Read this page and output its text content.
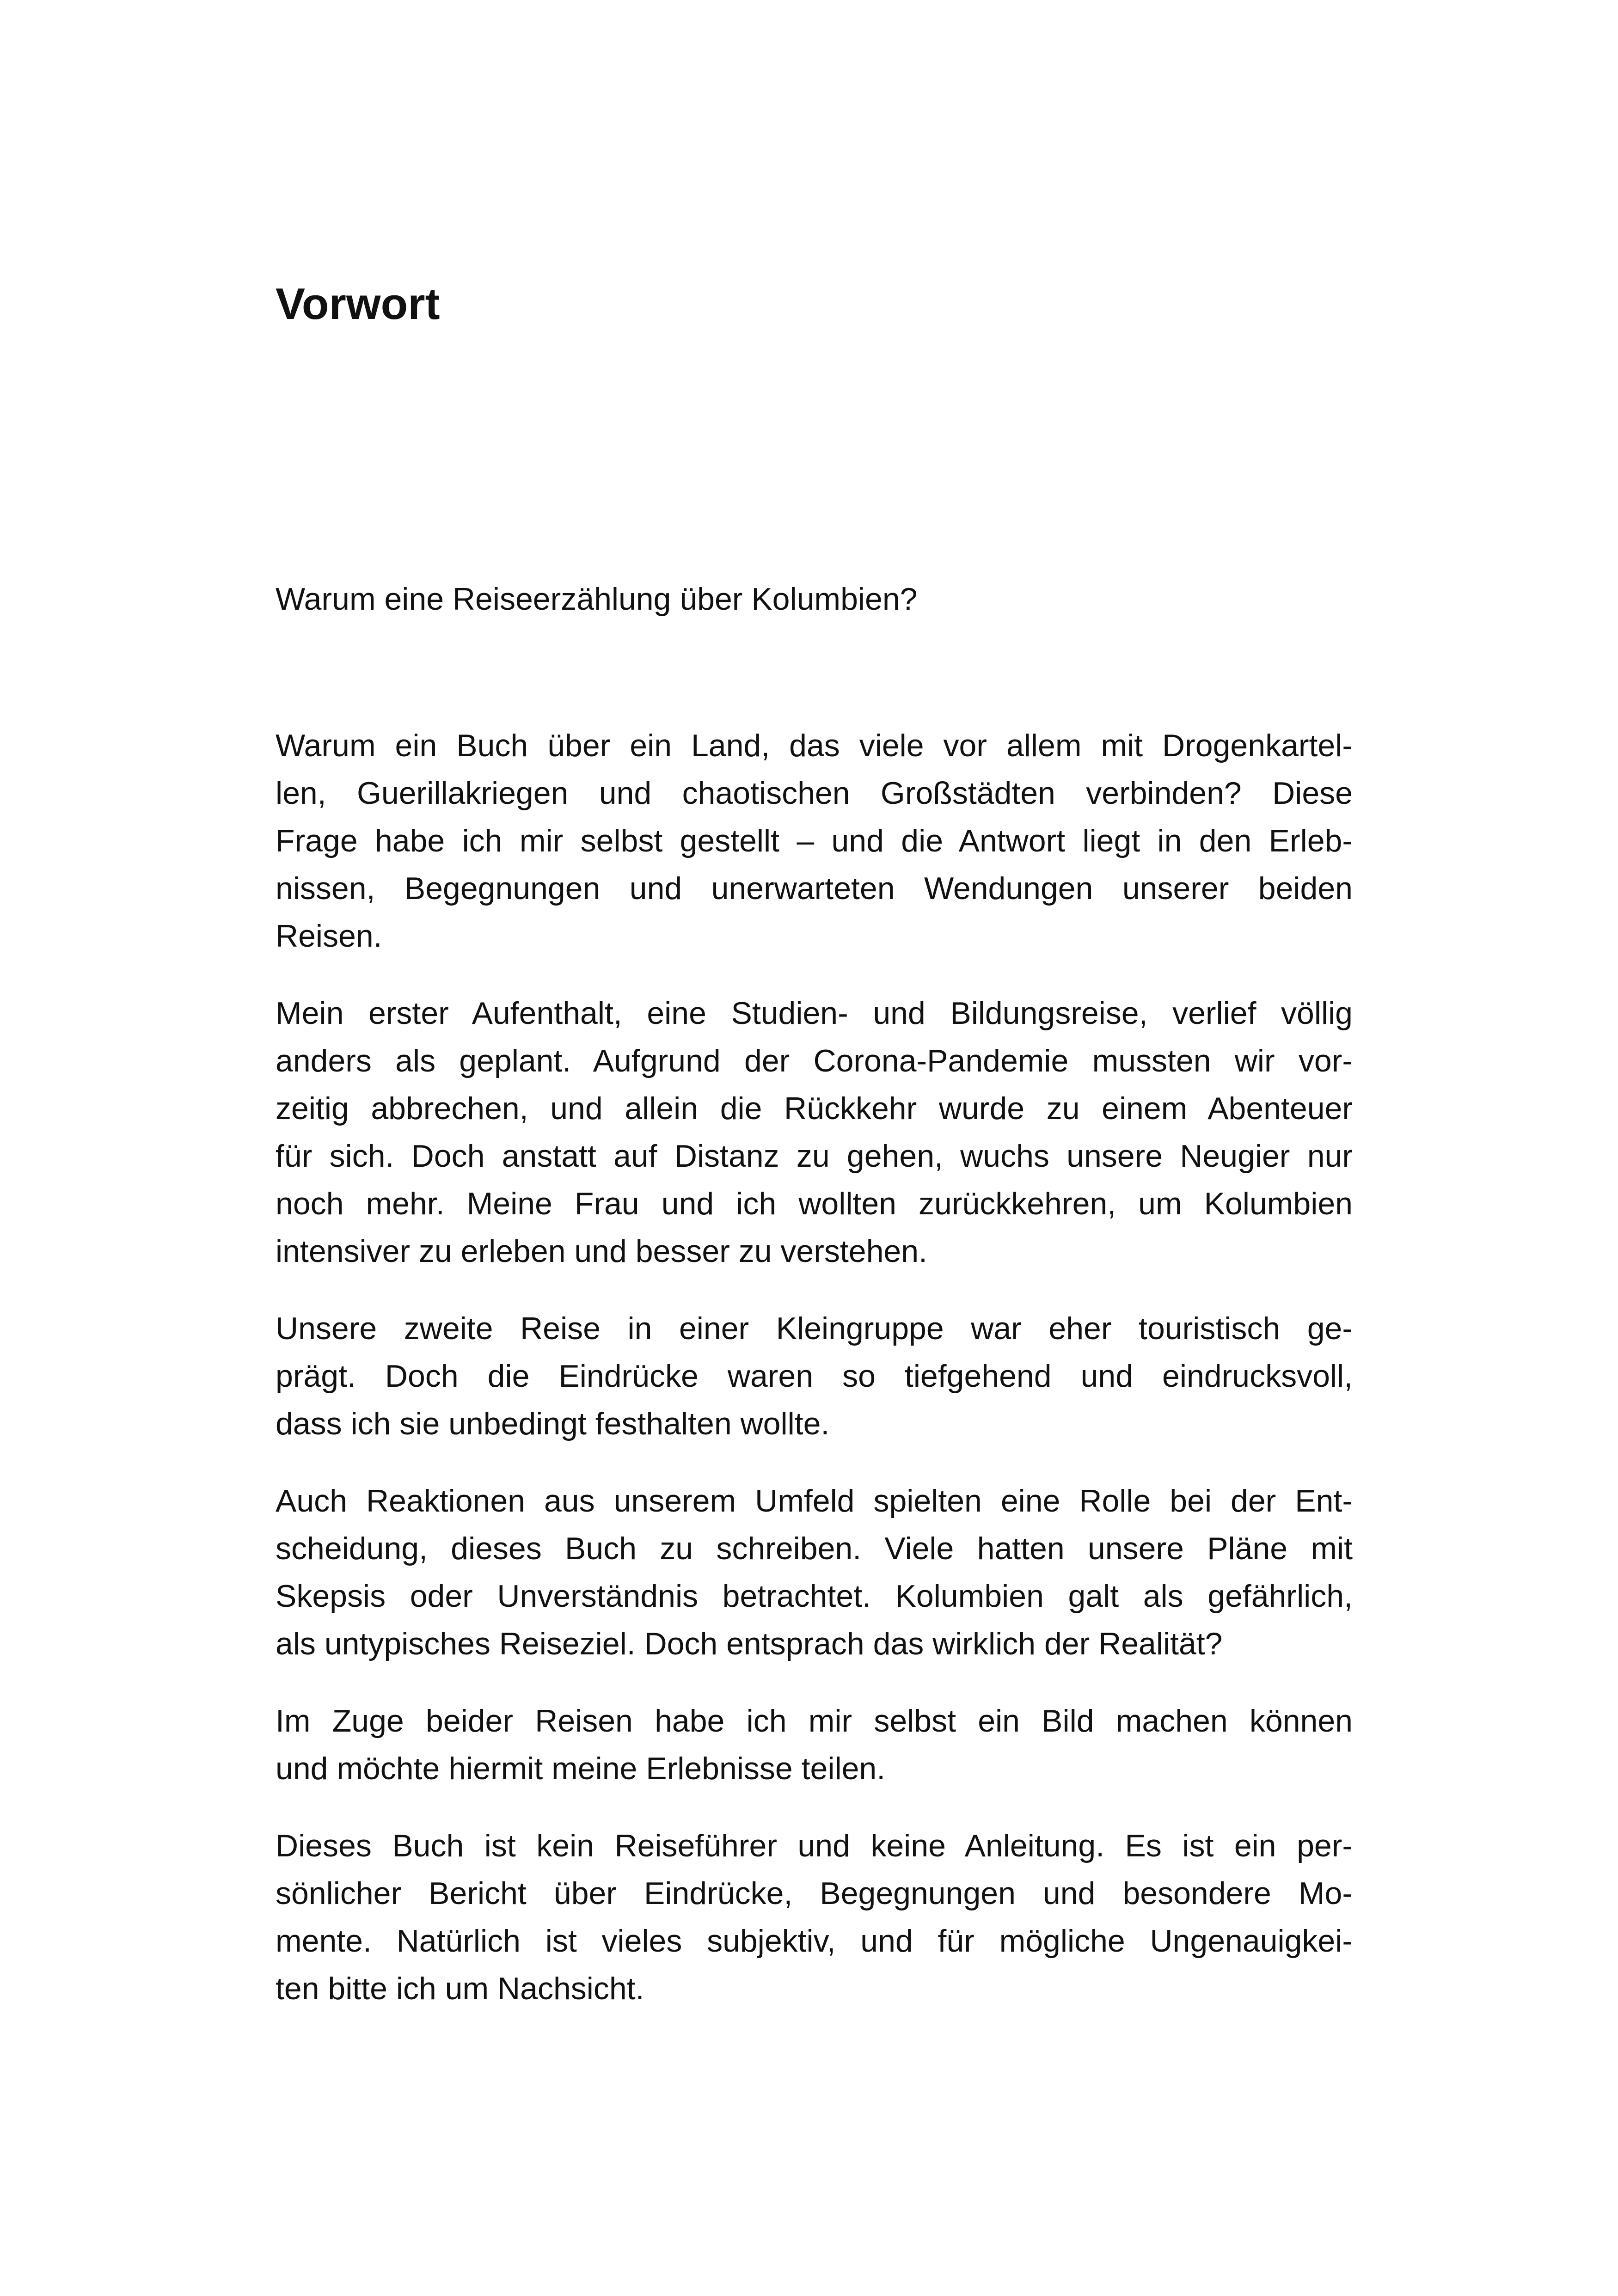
Vorwort
Warum eine Reiseerzählung über Kolumbien?
Warum ein Buch über ein Land, das viele vor allem mit Drogenkartel-
len, Guerillakriegen und chaotischen Großstädten verbinden? Diese
Frage habe ich mir selbst gestellt – und die Antwort liegt in den Erleb-
nissen, Begegnungen und unerwarteten Wendungen unserer beiden
Reisen.
Mein erster Aufenthalt, eine Studien- und Bildungsreise, verlief völlig
anders als geplant. Aufgrund der Corona-Pandemie mussten wir vor-
zeitig abbrechen, und allein die Rückkehr wurde zu einem Abenteuer
für sich. Doch anstatt auf Distanz zu gehen, wuchs unsere Neugier nur
noch mehr. Meine Frau und ich wollten zurückkehren, um Kolumbien
intensiver zu erleben und besser zu verstehen.
Unsere zweite Reise in einer Kleingruppe war eher touristisch ge-
prägt. Doch die Eindrücke waren so tiefgehend und eindrucksvoll,
dass ich sie unbedingt festhalten wollte.
Auch Reaktionen aus unserem Umfeld spielten eine Rolle bei der Ent-
scheidung, dieses Buch zu schreiben. Viele hatten unsere Pläne mit
Skepsis oder Unverständnis betrachtet. Kolumbien galt als gefährlich,
als untypisches Reiseziel. Doch entsprach das wirklich der Realität?
Im Zuge beider Reisen habe ich mir selbst ein Bild machen können
und möchte hiermit meine Erlebnisse teilen.
Dieses Buch ist kein Reiseführer und keine Anleitung. Es ist ein per-
sönlicher Bericht über Eindrücke, Begegnungen und besondere Mo-
mente. Natürlich ist vieles subjektiv, und für mögliche Ungenauigkei-
ten bitte ich um Nachsicht.
